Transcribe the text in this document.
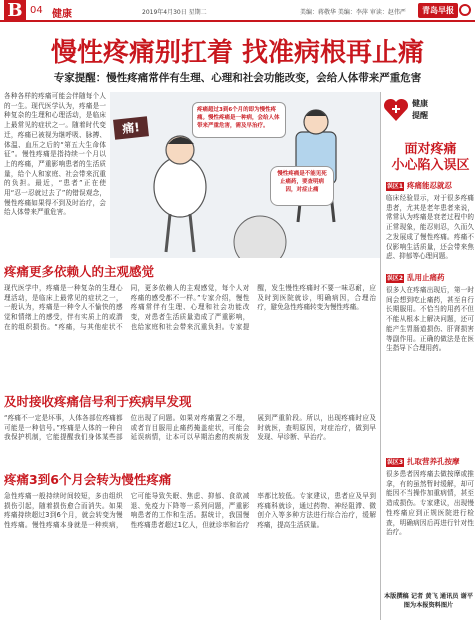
B 04 健康	2019年4月30日 星期二	美编：蒋敬华 美编：李萍 审读：赵伟严	青岛早报
慢性疼痛别扛着 找准病根再止痛
专家提醒：慢性疼痛常伴有生理、心理和社会功能改变，会给人体带来严重危害
各种各样的疼痛可能会伴随每个人的一生。现代医学认为，疼痛是一种复杂的生理和心理活动，是临床上最常见的症状之一。随着时代变迁，疼痛已被视为继呼吸、脉搏、体温、血压之后的“第五大生命体征”。慢性疼痛是指持续一个月以上的疼痛，严重影响患者的生活质量，给个人和家庭、社会带来沉重的负担。最近，“患者”正在使用“忍一忍就过去了”的错误观念，慢性疼痛如果得不到及时治疗，会给人体带来严重危害。
痛!
疼痛超过3到6个月的即为慢性疼痛。慢性疼痛是一种病，会给人体带来严重危害，需及早治疗。
慢性疼痛是不能见死止痛药，要查明病因，对症止痛
健康
提醒
面对疼痛
小心陷入误区
误区1 疼痛能忍就忍
临床经验显示，对于很多疼痛患者，尤其是老年患者来说，常常认为疼痛是衰老过程中的正常现象，能忍则忍，久而久之发展成了慢性疼痛。疼痛不仅影响生活质量，还会带来焦虑、抑郁等心理问题。
误区2 乱用止痛药
很多人在疼痛出现后，第一时间会想到吃止痛药，甚至自行长期服用。不恰当的用药不但不能从根本上解决问题，还可能产生胃肠道损伤、肝肾损害等副作用。正确的做法是在医生指导下合理用药。
误区3 扎取营养孔按摩
很多患者因疼痛去做按摩或推拿，有的虽然暂时缓解，却可能因不当操作加重病情，甚至造成损伤。专家建议，出现慢性疼痛应到正规医院进行检查，明确病因后再进行针对性治疗。
本版撰稿 记者 黄飞 通讯员 谢平 图为本报资料图片
疼痛更多依赖人的主观感觉
现代医学中，疼痛是一种复杂的生理心理活动，是临床上最常见的症状之一，一般认为，疼痛是一种令人不愉快的感觉和情绪上的感受，伴有实质上的或潜在的组织损伤。“疼痛，与其他症状不同，更多依赖人的主观感觉，每个人对疼痛的感受都不一样。”专家介绍，慢性疼痛常伴有生理、心理和社会功能改变，对患者生活质量造成了严重影响，也给家庭和社会带来沉重负担。专家提醒，发生慢性疼痛时不要一味忍耐，应及时到医院就诊，明确病因，合理治疗，避免急性疼痛转变为慢性疼痛。
及时接收疼痛信号利于疾病早发现
“疼痛不一定是坏事，人体各部位疼痛都可能是一种信号。”疼痛是人体的一种自我保护机制，它能提醒我们身体某些部位出现了问题。如果对疼痛置之不理，或者盲目服用止痛药掩盖症状，可能会延误病情，让本可以早期治愈的疾病发展到严重阶段。所以，出现疼痛时应及时就医，查明原因，对症治疗，做到早发现、早诊断、早治疗。
疼痛3到6个月会转为慢性疼痛
急性疼痛一般持续时间较短，多由组织损伤引起，随着损伤愈合而消失。如果疼痛持续超过3到6个月，就会转变为慢性疼痛。慢性疼痛本身就是一种疾病，它可能导致失眠、焦虑、抑郁、食欲减退、免疫力下降等一系列问题，严重影响患者的工作和生活。据统计，我国慢性疼痛患者超过1亿人，但就诊率和治疗率都比较低。专家建议，患者应及早到疼痛科就诊，通过药物、神经阻滞、微创介入等多种方法进行综合治疗，缓解疼痛，提高生活质量。
